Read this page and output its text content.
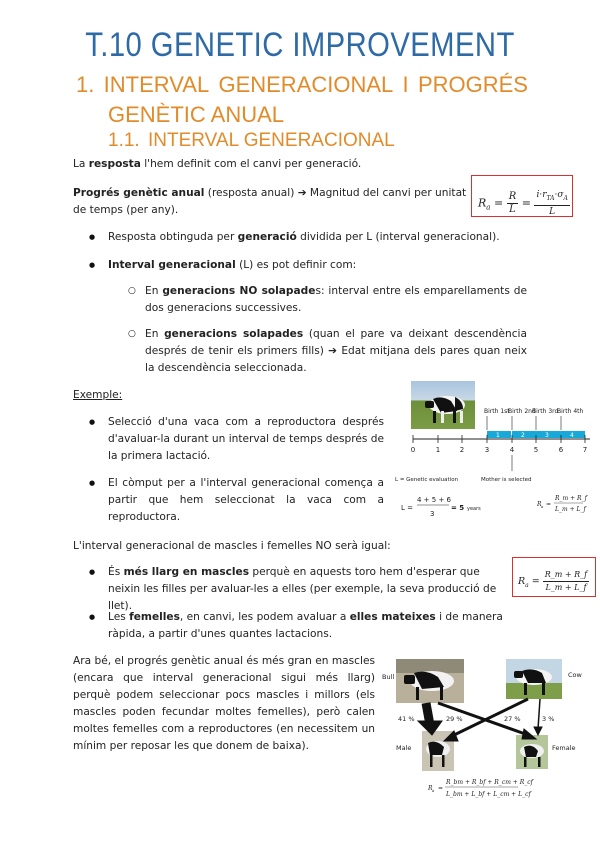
T.10 GENETIC IMPROVEMENT
1. INTERVAL GENERACIONAL I PROGRÉS
GENÈTIC ANUAL
1.1. INTERVAL GENERACIONAL
La resposta l'hem definit com el canvi per generació.
Progrés genètic anual (resposta anual) ➔ Magnitud del canvi per unitat de temps (per any).
$R_a = \frac{R}{L} = \frac{i\cdot r_{TA}\cdot\sigma_A}{L}$
● Resposta obtinguda per generació dividida per L (interval generacional).
● Interval generacional (L) es pot definir com:
○ En generacions NO solapades: interval entre els emparellaments de dos generacions successives.
○ En generacions solapades (quan el pare va deixant descendència després de tenir els primers fills) ➔ Edat mitjana dels pares quan neix la descendència seleccionada.
Exemple:
● Selecció d'una vaca com a reproductora després d'avaluar-la durant un interval de temps després de la primera lactació.
● El còmput per a l'interval generacional comença a partir que hem seleccionat la vaca com a reproductora.
Birth 1st
Birth 2nd
Birth 3rd
Birth 4th
1	2	3	4
0	1	2	3	4	5	6	7
L = Genetic evaluation	Mother is selected
L =
4 + 5 + 6
3
= 5 years
R a =
R_m + R_f
L_m + L_f
L'interval generacional de mascles i femelles NO serà igual:
● És més llarg en mascles perquè en aquests toro hem d'esperar que neixin les filles per avaluar-les a elles (per exemple, la seva producció de llet).
● Les femelles, en canvi, les podem avaluar a elles mateixes i de manera ràpida, a partir d'unes quantes lactacions.
$R_a = \frac{R\_m + R\_f}{L\_m + L\_f}$
Ara bé, el progrés genètic anual és més gran en mascles (encara que interval generacional sigui més llarg) perquè podem seleccionar pocs mascles i millors (els mascles poden fecundar moltes femelles), però calen moltes femelles com a reproductores (en necessitem un mínim per reposar les que donem de baixa).
Bull	Cow
Male	Female
41 %	29 %	27 %	3 %
R a =
R_bm + R_bf + R_cm + R_cf
L_bm + L_bf + L_cm + L_cf
